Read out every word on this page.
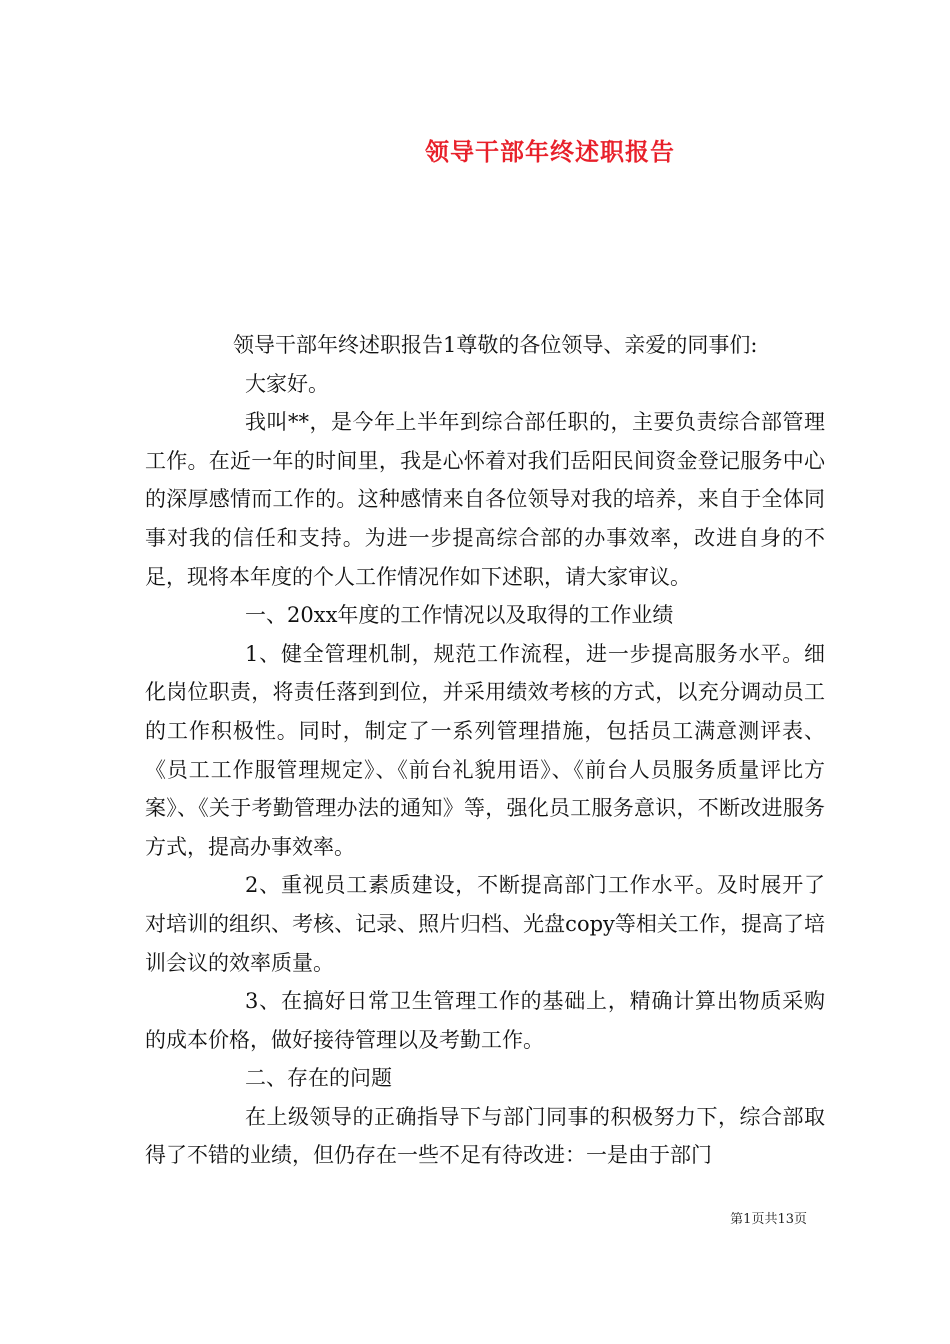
领导干部年终述职报告

领导干部年终述职报告1尊敬的各位领导、亲爱的同事们:

大家好。

我叫**，是今年上半年到综合部任职的，主要负责综合部管理工作。在近一年的时间里，我是心怀着对我们岳阳民间资金登记服务中心的深厚感情而工作的。这种感情来自各位领导对我的培养，来自于全体同事对我的信任和支持。为进一步提高综合部的办事效率，改进自身的不足，现将本年度的个人工作情况作如下述职，请大家审议。

一、20xx年度的工作情况以及取得的工作业绩

1、健全管理机制，规范工作流程，进一步提高服务水平。细化岗位职责，将责任落到到位，并采用绩效考核的方式，以充分调动员工的工作积极性。同时，制定了一系列管理措施，包括员工满意测评表、《员工工作服管理规定》、《前台礼貌用语》、《前台人员服务质量评比方案》、《关于考勤管理办法的通知》等，强化员工服务意识，不断改进服务方式，提高办事效率。

2、重视员工素质建设，不断提高部门工作水平。及时展开了对培训的组织、考核、记录、照片归档、光盘copy等相关工作，提高了培训会议的效率质量。

3、在搞好日常卫生管理工作的基础上，精确计算出物质采购的成本价格，做好接待管理以及考勤工作。

二、存在的问题

在上级领导的正确指导下与部门同事的积极努力下，综合部取得了不错的业绩，但仍存在一些不足有待改进：一是由于部门

第1页共13页
